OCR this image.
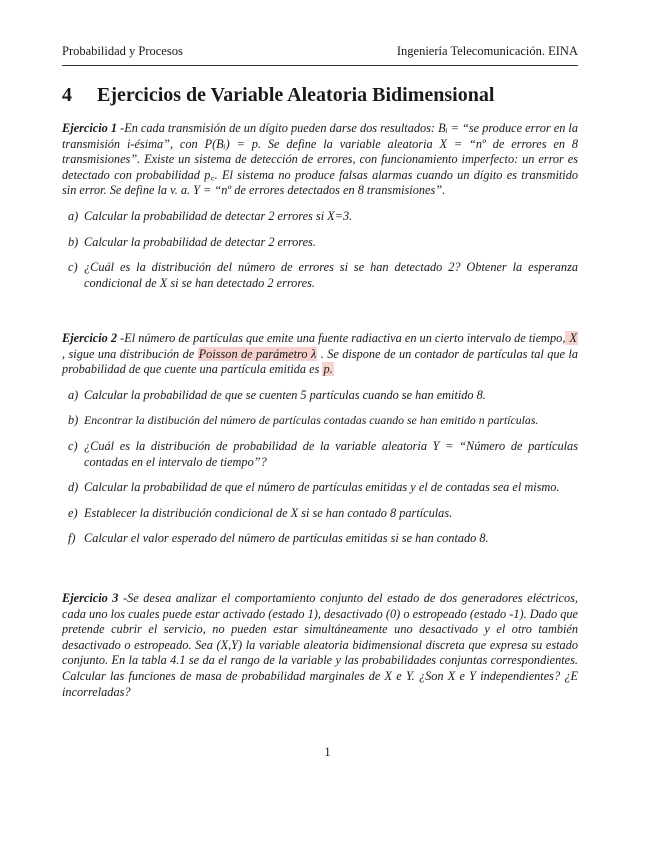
Probabilidad y Procesos	Ingeniería Telecomunicación. EINA
4 Ejercicios de Variable Aleatoria Bidimensional

Ejercicio 1 -En cada transmisión de un dígito pueden darse dos resultados: Bᵢ = “se produce error en la transmisión i-ésima”, con P(Bᵢ) = p. Se define la variable aleatoria X = “nº de errores en 8 transmisiones”. Existe un sistema de detección de errores, con funcionamiento imperfecto: un error es detectado con probabilidad p꜀. El sistema no produce falsas alarmas cuando un dígito es transmitido sin error. Se define la v. a. Y = “nº de errores detectados en 8 transmisiones”.

a) Calcular la probabilidad de detectar 2 errores si X=3.
b) Calcular la probabilidad de detectar 2 errores.
c) ¿Cuál es la distribución del número de errores si se han detectado 2? Obtener la esperanza condicional de X si se han detectado 2 errores.

Ejercicio 2 -El número de partículas que emite una fuente radiactiva en un cierto intervalo de tiempo, X , sigue una distribución de Poisson de parámetro λ . Se dispone de un contador de partículas tal que la probabilidad de que cuente una partícula emitida es p.

a) Calcular la probabilidad de que se cuenten 5 partículas cuando se han emitido 8.
b) Encontrar la distibución del número de partículas contadas cuando se han emitido n partículas.
c) ¿Cuál es la distribución de probabilidad de la variable aleatoria Y = “Número de partículas contadas en el intervalo de tiempo”?
d) Calcular la probabilidad de que el número de partículas emitidas y el de contadas sea el mismo.
e) Establecer la distribución condicional de X si se han contado 8 partículas.
f) Calcular el valor esperado del número de partículas emitidas si se han contado 8.

Ejercicio 3 -Se desea analizar el comportamiento conjunto del estado de dos generadores eléctricos, cada uno los cuales puede estar activado (estado 1), desactivado (0) o estropeado (estado -1). Dado que pretende cubrir el servicio, no pueden estar simultáneamente uno desactivado y el otro también desactivado o estropeado. Sea (X,Y) la variable aleatoria bidimensional discreta que expresa su estado conjunto. En la tabla 4.1 se da el rango de la variable y las probabilidades conjuntas correspondientes. Calcular las funciones de masa de probabilidad marginales de X e Y. ¿Son X e Y independientes? ¿E incorreladas?

1
